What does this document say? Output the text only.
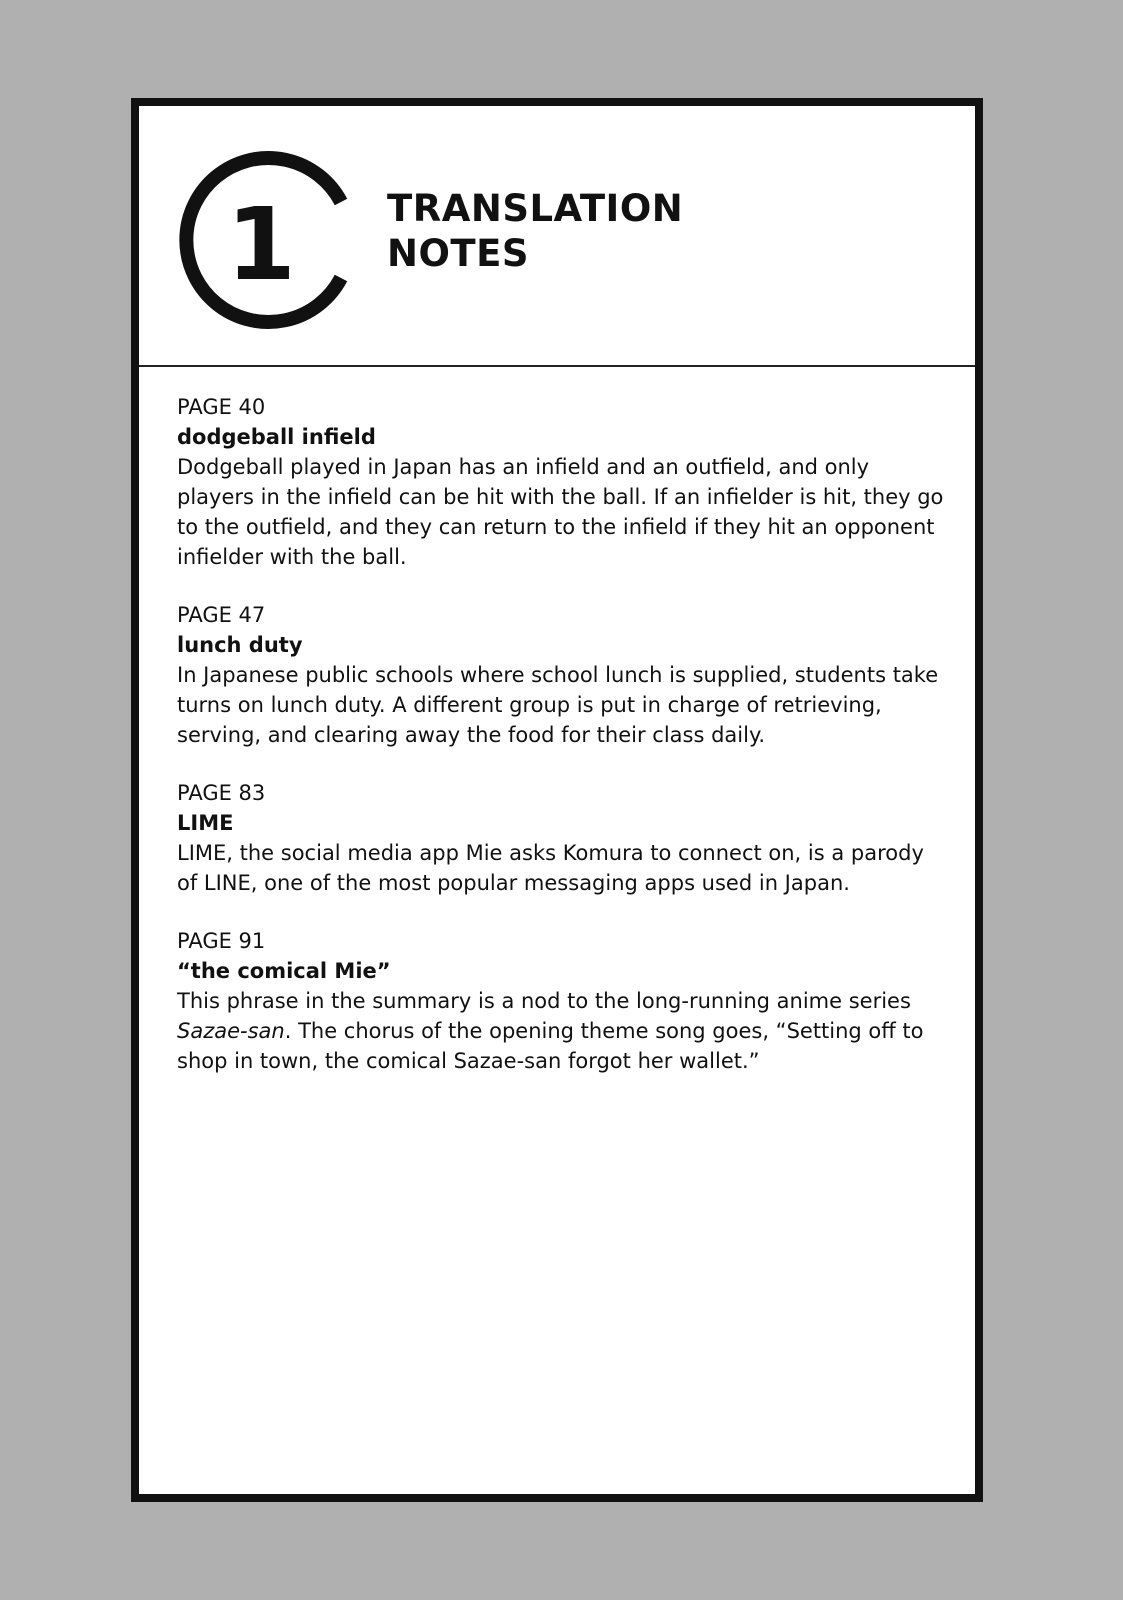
1 TRANSLATION
NOTES
PAGE 40
dodgeball infield

Dodgeball played in Japan has an infield and an outfield, and only players in the infield can be hit with the ball. If an infielder is hit, they go to the outfield, and they can return to the infield if they hit an opponent infielder with the ball.

PAGE 47
lunch duty

In Japanese public schools where school lunch is supplied, students take turns on lunch duty. A different group is put in charge of retrieving, serving, and clearing away the food for their class daily.

PAGE 83
LIME

LIME, the social media app Mie asks Komura to connect on, is a parody of LINE, one of the most popular messaging apps used in Japan.

PAGE 91
“the comical Mie”

This phrase in the summary is a nod to the long-running anime series Sazae-san. The chorus of the opening theme song goes, “Setting off to shop in town, the comical Sazae-san forgot her wallet.”
